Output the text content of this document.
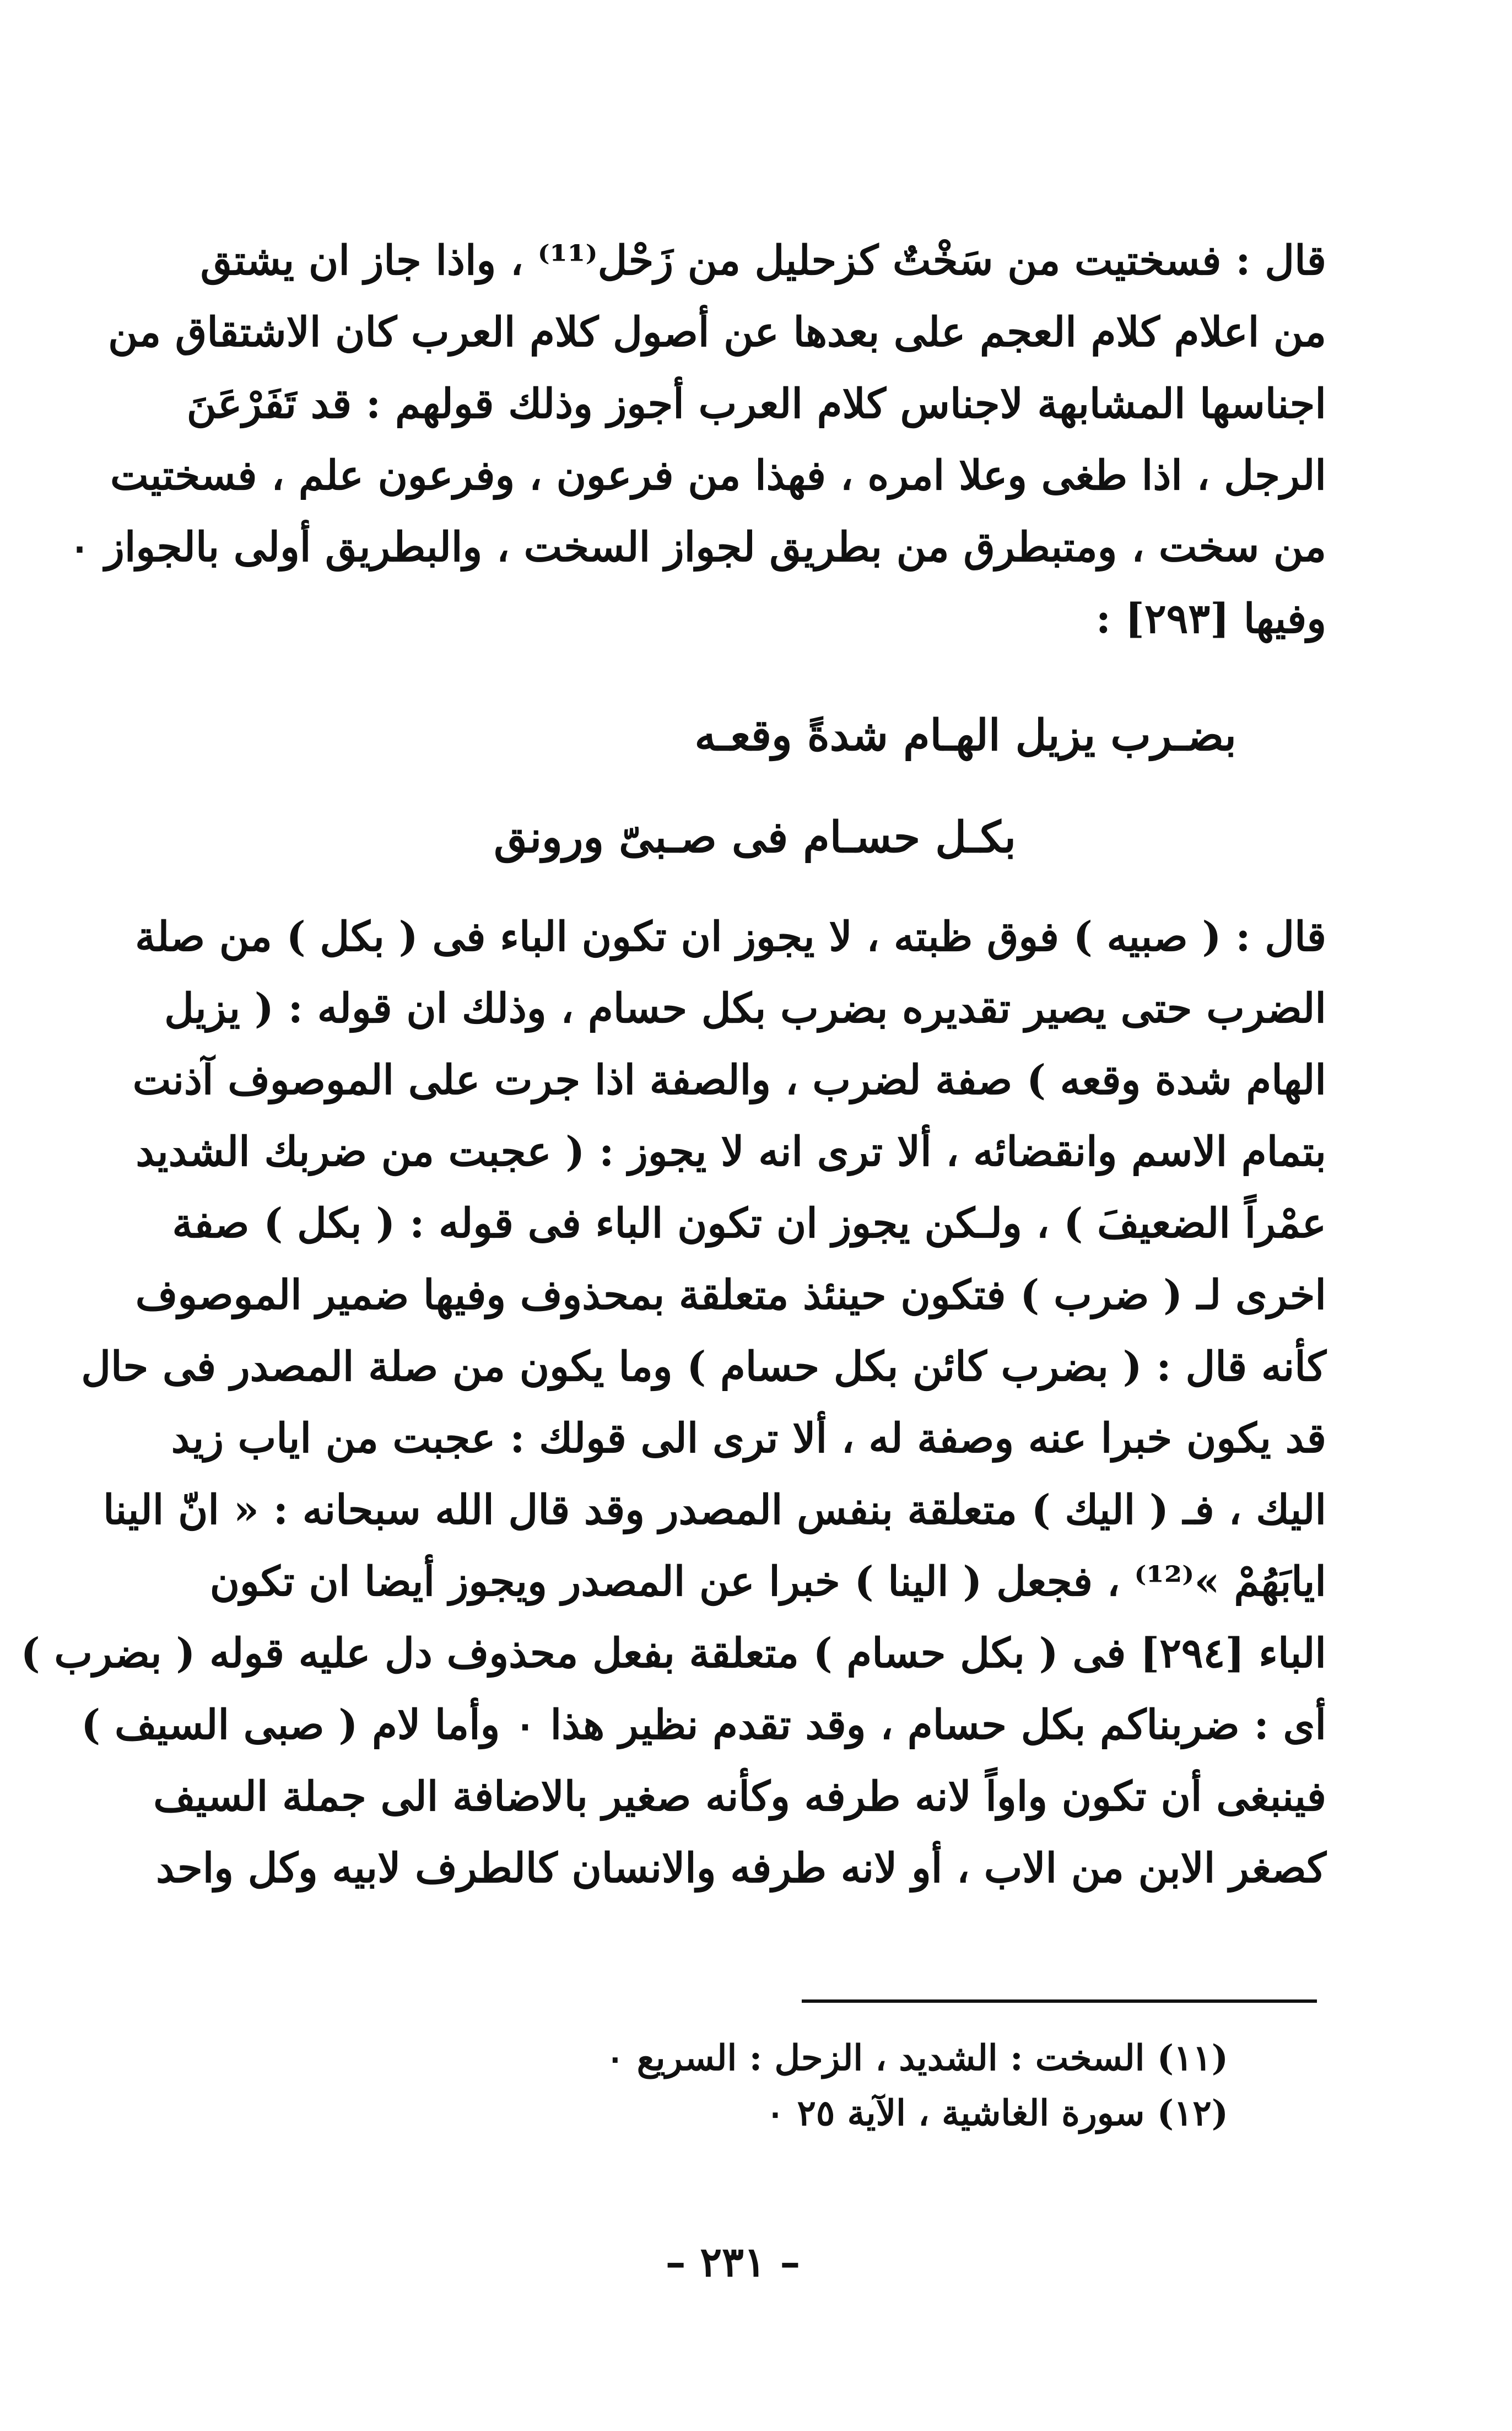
قال : فسختيت من سَخْتٌ كزحليل من زَحْل⁽¹¹⁾ ، واذا جاز ان يشتق
من اعلام كلام العجم على بعدها عن أصول كلام العرب كان الاشتقاق من
اجناسها المشابهة لاجناس كلام العرب أجوز وذلك قولهم : قد تَفَرْعَنَ
الرجل ، اذا طغى وعلا امره ، فهذا من فرعون ، وفرعون علم ، فسختيت
من سخت ، ومتبطرق من بطريق لجواز السخت ، والبطريق أولى بالجواز ٠
وفيها [٢٩٣] :
بضـرب يزيل الهـام شدةً وقعـه
بكـل حسـام فى صـبىّ ورونق
قال : ( صبيه ) فوق ظبته ، لا يجوز ان تكون الباء فى ( بكل ) من صلة
الضرب حتى يصير تقديره بضرب بكل حسام ، وذلك ان قوله : ( يزيل
الهام شدة وقعه ) صفة لضرب ، والصفة اذا جرت على الموصوف آذنت
بتمام الاسم وانقضائه ، ألا ترى انه لا يجوز : ( عجبت من ضربك الشديد
عمْراً الضعيفَ ) ، ولـكن يجوز ان تكون الباء فى قوله : ( بكل ) صفة
اخرى لـ ( ضرب ) فتكون حينئذ متعلقة بمحذوف وفيها ضمير الموصوف
كأنه قال : ( بضرب كائن بكل حسام ) وما يكون من صلة المصدر فى حال
قد يكون خبرا عنه وصفة له ، ألا ترى الى قولك : عجبت من اياب زيد
اليك ، فـ ( اليك ) متعلقة بنفس المصدر وقد قال الله سبحانه : « انّ الينا
ايابَهُمْ »⁽¹²⁾ ، فجعل ( الينا ) خبرا عن المصدر ويجوز أيضا ان تكون
الباء [٢٩٤] فى ( بكل حسام ) متعلقة بفعل محذوف دل عليه قوله ( بضرب )
أى : ضربناكم بكل حسام ، وقد تقدم نظير هذا ٠ وأما لام ( صبى السيف )
فينبغى أن تكون واواً لانه طرفه وكأنه صغير بالاضافة الى جملة السيف
كصغر الابن من الاب ، أو لانه طرفه والانسان كالطرف لابيه وكل واحد
(١١) السخت : الشديد ، الزحل : السريع ٠
(١٢) سورة الغاشية ، الآية ٢٥ ٠
– ٢٣١ –
